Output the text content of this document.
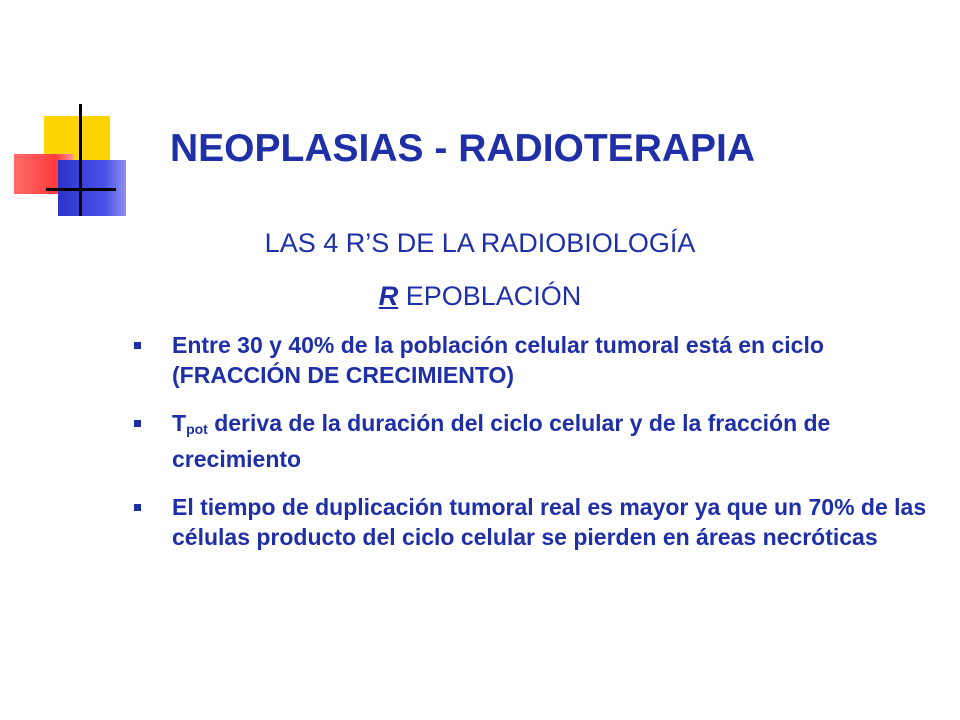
NEOPLASIAS - RADIOTERAPIA
LAS 4 R’S DE LA RADIOBIOLOGÍA
R EPOBLACIÓN
Entre 30 y 40% de la población celular tumoral está en ciclo (FRACCIÓN DE CRECIMIENTO)
$T_{pot}$ deriva de la duración del ciclo celular y de la fracción de crecimiento
El tiempo de duplicación tumoral real es mayor ya que un 70% de las células producto del ciclo celular se pierden en áreas necróticas
